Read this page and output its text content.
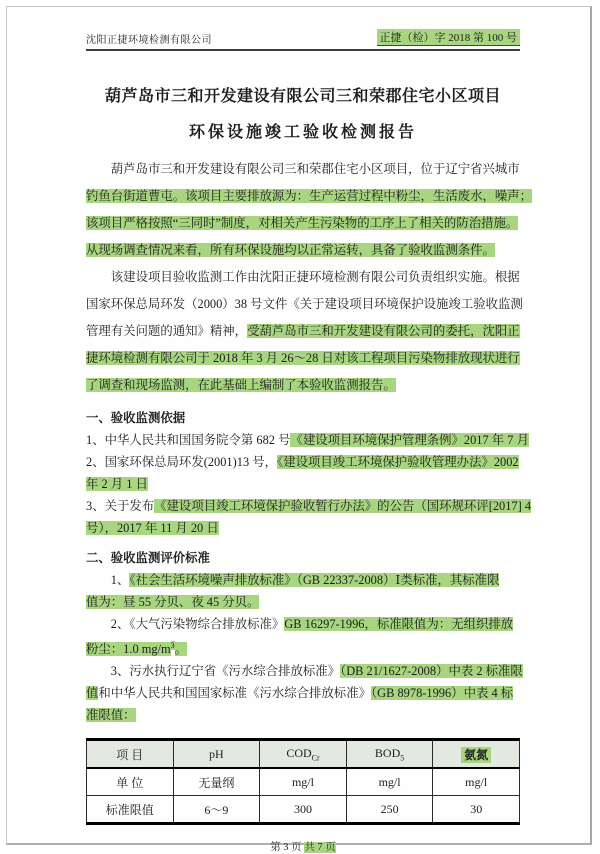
沈阳正捷环境检测有限公司	正捷（检）字 2018 第 100 号
葫芦岛市三和开发建设有限公司三和荣郡住宅小区项目
环保设施竣工验收检测报告
葫芦岛市三和开发建设有限公司三和荣郡住宅小区项目，位于辽宁省兴城市
钓鱼台街道曹屯。该项目主要排放源为：生产运营过程中粉尘，生活废水，噪声；
该项目严格按照“三同时”制度，对相关产生污染物的工序上了相关的防治措施。
从现场调查情况来看，所有环保设施均以正常运转，具备了验收监测条件。
该建设项目验收监测工作由沈阳正捷环境检测有限公司负责组织实施。根据
国家环保总局环发（2000）38 号文件《关于建设项目环境保护设施竣工验收监测
管理有关问题的通知》精神，受葫芦岛市三和开发建设有限公司的委托，沈阳正
捷环境检测有限公司于 2018 年 3 月 26～28 日对该工程项目污染物排放现状进行
了调查和现场监测，在此基础上编制了本验收监测报告。
一、验收监测依据
1、中华人民共和国国务院令第 682 号《建设项目环境保护管理条例》2017 年 7 月
2、国家环保总局环发(2001)13 号，《建设项目竣工环境保护验收管理办法》2002
年 2 月 1 日
3、关于发布《建设项目竣工环境保护验收暂行办法》的公告（国环规环评[2017] 4
号），2017 年 11 月 20 日
二、验收监测评价标准
1、《社会生活环境噪声排放标准》（GB 22337-2008）Ⅰ类标准，其标准限
值为：昼 55 分贝、夜 45 分贝。
2、《大气污染物综合排放标准》GB 16297-1996，标准限值为：无组织排放
粉尘：1.0 $mg/m^3$。
3、污水执行辽宁省《污水综合排放标准》（DB 21/1627-2008）中表 2 标准限
值和中华人民共和国国家标准《污水综合排放标准》（GB 8978-1996）中表 4 标
准限值：
项 目	pH	$COD_{Cr}$	$BOD_5$	氨氮
单 位	无量纲	mg/l	mg/l	mg/l
标准限值	6～9	300	250	30
第 3 页 共 7 页
